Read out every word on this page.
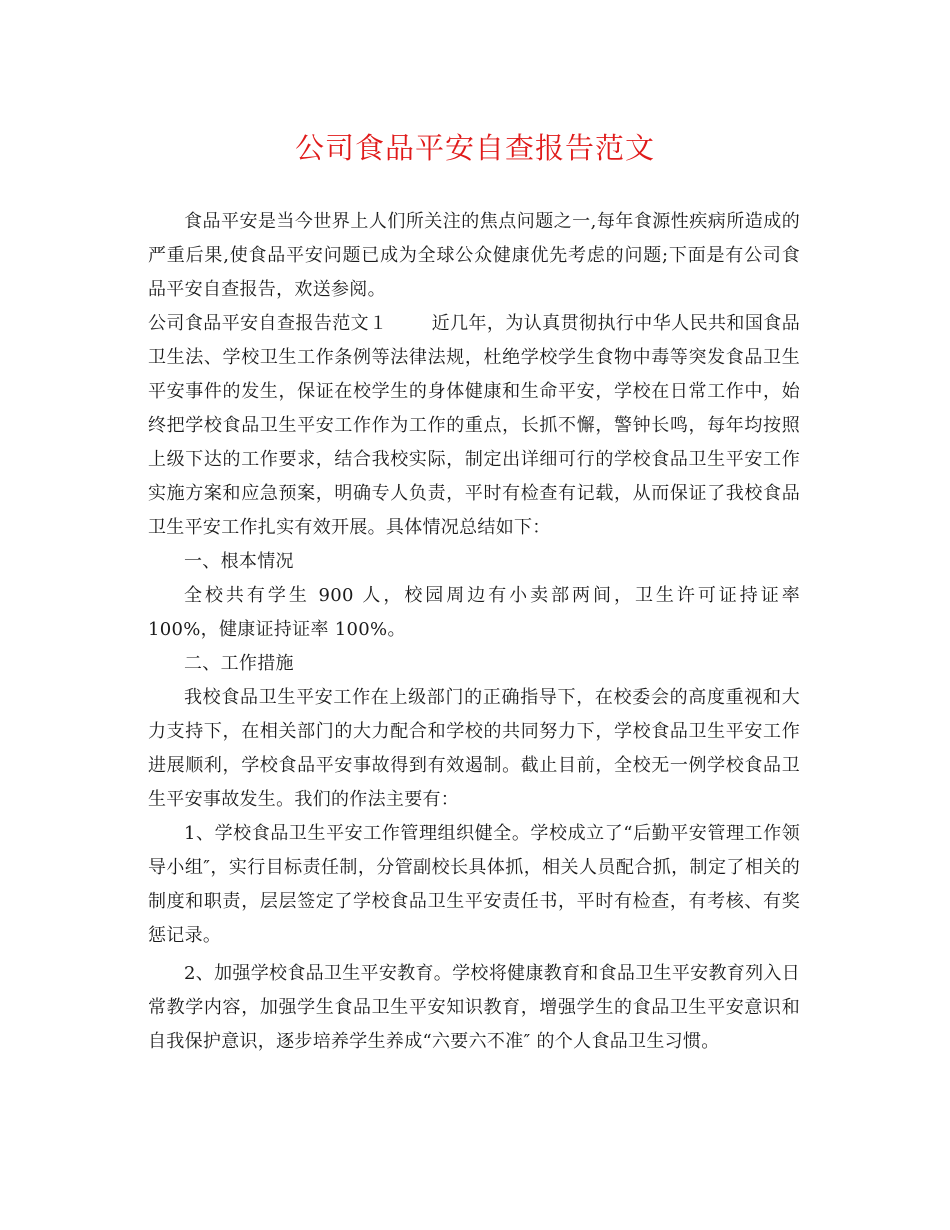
公司食品平安自查报告范文

食品平安是当今世界上人们所关注的焦点问题之一,每年食源性疾病所造成的严重后果,使食品平安问题已成为全球公众健康优先考虑的问题;下面是有公司食品平安自查报告，欢送参阅。

公司食品平安自查报告范文１ 近几年，为认真贯彻执行中华人民共和国食品卫生法、学校卫生工作条例等法律法规，杜绝学校学生食物中毒等突发食品卫生平安事件的发生，保证在校学生的身体健康和生命平安，学校在日常工作中，始终把学校食品卫生平安工作作为工作的重点，长抓不懈，警钟长鸣，每年均按照上级下达的工作要求，结合我校实际，制定出详细可行的学校食品卫生平安工作实施方案和应急预案，明确专人负责，平时有检查有记载，从而保证了我校食品卫生平安工作扎实有效开展。具体情况总结如下：

一、根本情况

全校共有学生 900 人，校园周边有小卖部两间，卫生许可证持证率 100%，健康证持证率 100%。

二、工作措施

我校食品卫生平安工作在上级部门的正确指导下，在校委会的高度重视和大力支持下，在相关部门的大力配合和学校的共同努力下，学校食品卫生平安工作进展顺利，学校食品平安事故得到有效遏制。截止目前，全校无一例学校食品卫生平安事故发生。我们的作法主要有：

1、学校食品卫生平安工作管理组织健全。学校成立了“后勤平安管理工作领导小组″，实行目标责任制，分管副校长具体抓，相关人员配合抓，制定了相关的制度和职责，层层签定了学校食品卫生平安责任书，平时有检查，有考核、有奖惩记录。

2、加强学校食品卫生平安教育。学校将健康教育和食品卫生平安教育列入日常教学内容，加强学生食品卫生平安知识教育，增强学生的食品卫生平安意识和自我保护意识，逐步培养学生养成“六要六不准″ 的个人食品卫生习惯。
